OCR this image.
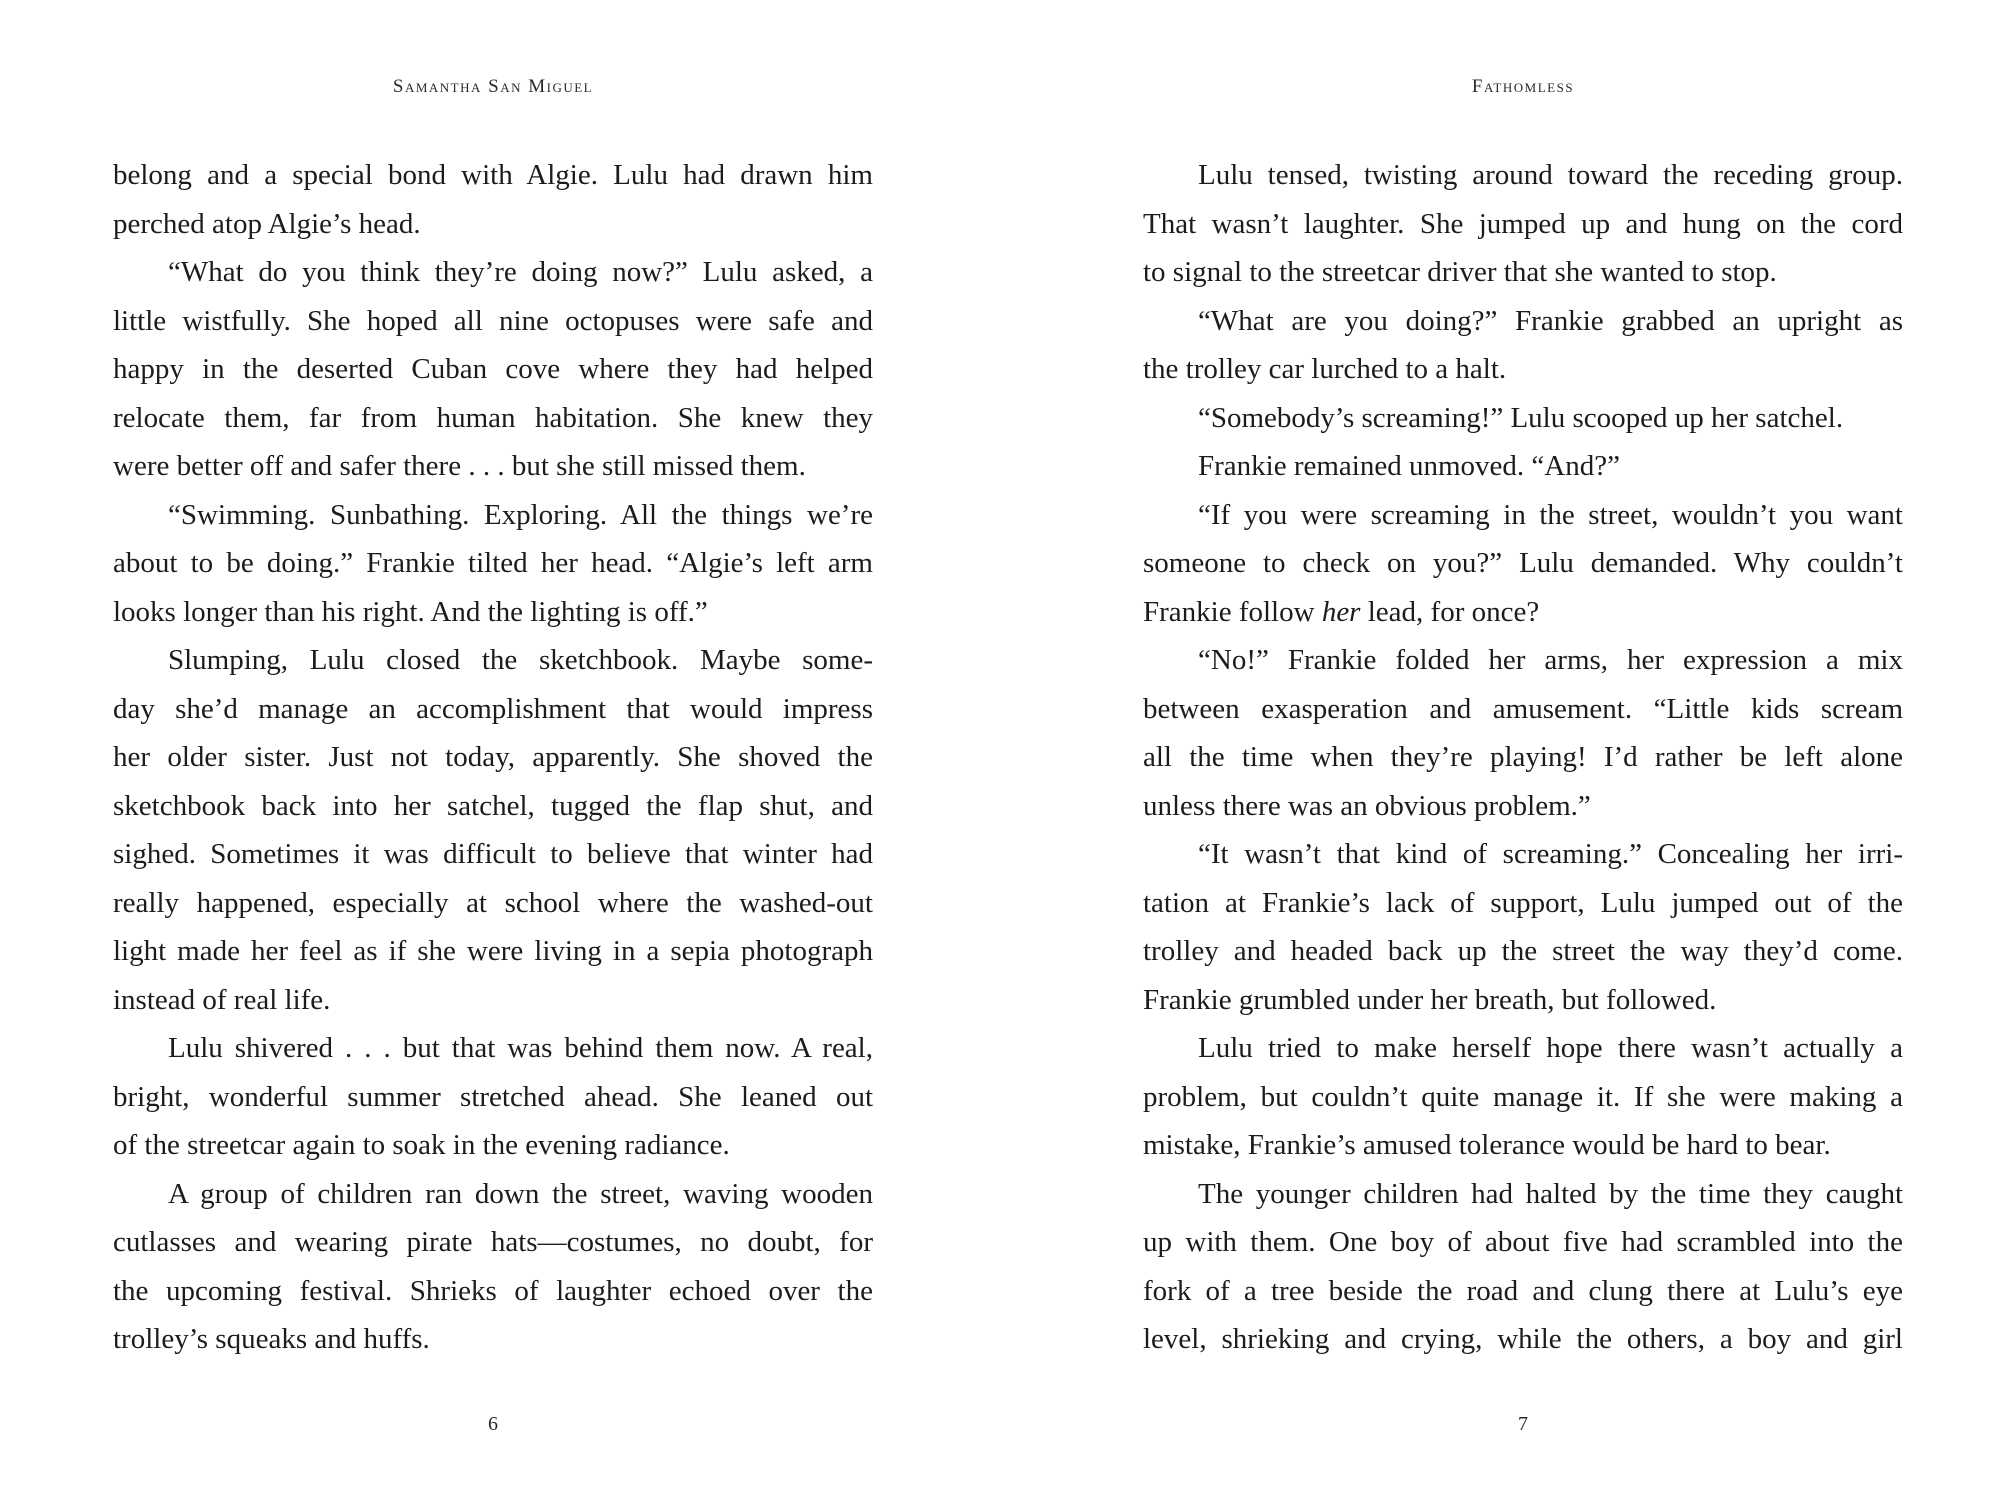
Samantha San Miguel
belong and a special bond with Algie. Lulu had drawn him
perched atop Algie’s head.
“What do you think they’re doing now?” Lulu asked, a
little wistfully. She hoped all nine octopuses were safe and
happy in the deserted Cuban cove where they had helped
relocate them, far from human habitation. She knew they
were better off and safer there . . . but she still missed them.
“Swimming. Sunbathing. Exploring. All the things we’re
about to be doing.” Frankie tilted her head. “Algie’s left arm
looks longer than his right. And the lighting is off.”
Slumping, Lulu closed the sketchbook. Maybe some-
day she’d manage an accomplishment that would impress
her older sister. Just not today, apparently. She shoved the
sketchbook back into her satchel, tugged the flap shut, and
sighed. Sometimes it was difficult to believe that winter had
really happened, especially at school where the washed-out
light made her feel as if she were living in a sepia photograph
instead of real life.
Lulu shivered . . . but that was behind them now. A real,
bright, wonderful summer stretched ahead. She leaned out
of the streetcar again to soak in the evening radiance.
A group of children ran down the street, waving wooden
cutlasses and wearing pirate hats—costumes, no doubt, for
the upcoming festival. Shrieks of laughter echoed over the
trolley’s squeaks and huffs.
6
Fathomless
Lulu tensed, twisting around toward the receding group.
That wasn’t laughter. She jumped up and hung on the cord
to signal to the streetcar driver that she wanted to stop.
“What are you doing?” Frankie grabbed an upright as
the trolley car lurched to a halt.
“Somebody’s screaming!” Lulu scooped up her satchel.
Frankie remained unmoved. “And?”
“If you were screaming in the street, wouldn’t you want
someone to check on you?” Lulu demanded. Why couldn’t
Frankie follow her lead, for once?
“No!” Frankie folded her arms, her expression a mix
between exasperation and amusement. “Little kids scream
all the time when they’re playing! I’d rather be left alone
unless there was an obvious problem.”
“It wasn’t that kind of screaming.” Concealing her irri-
tation at Frankie’s lack of support, Lulu jumped out of the
trolley and headed back up the street the way they’d come.
Frankie grumbled under her breath, but followed.
Lulu tried to make herself hope there wasn’t actually a
problem, but couldn’t quite manage it. If she were making a
mistake, Frankie’s amused tolerance would be hard to bear.
The younger children had halted by the time they caught
up with them. One boy of about five had scrambled into the
fork of a tree beside the road and clung there at Lulu’s eye
level, shrieking and crying, while the others, a boy and girl
7
